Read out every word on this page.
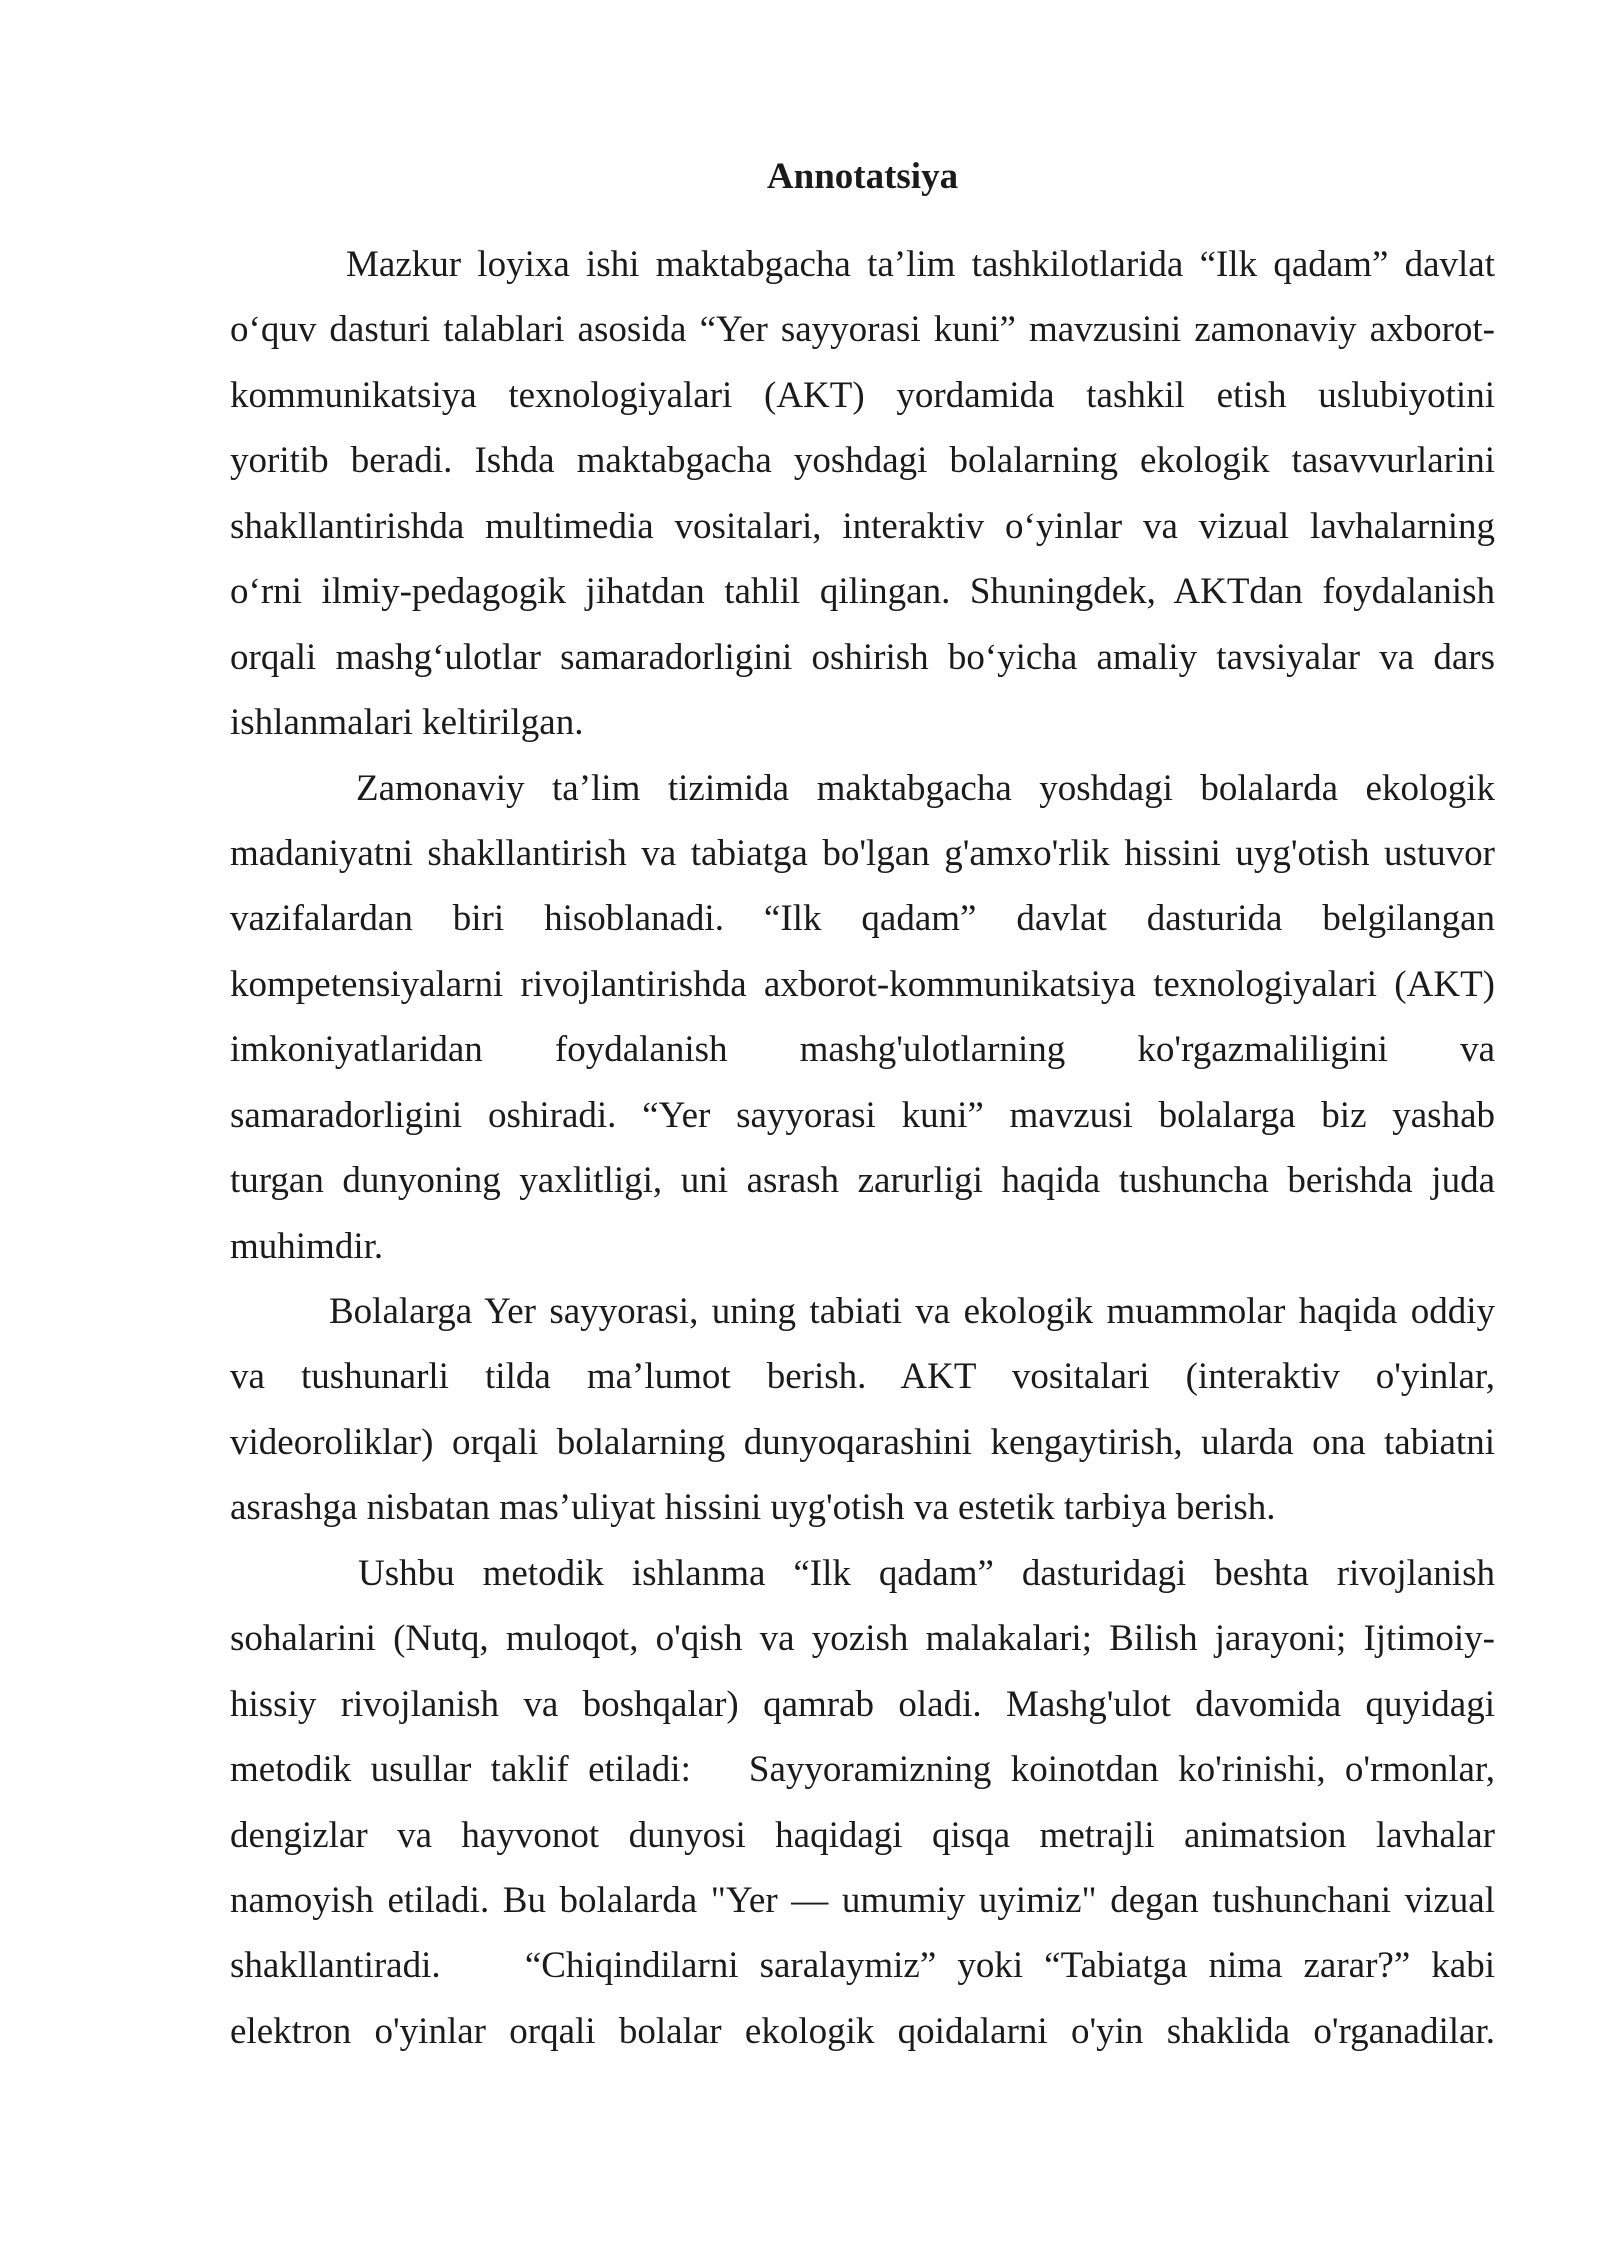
Annotatsiya
Mazkur loyixa ishi maktabgacha ta’lim tashkilotlarida “Ilk qadam” davlat
o‘quv dasturi talablari asosida “Yer sayyorasi kuni” mavzusini zamonaviy axborot-
kommunikatsiya texnologiyalari (AKT) yordamida tashkil etish uslubiyotini
yoritib beradi. Ishda maktabgacha yoshdagi bolalarning ekologik tasavvurlarini
shakllantirishda multimedia vositalari, interaktiv o‘yinlar va vizual lavhalarning
o‘rni ilmiy-pedagogik jihatdan tahlil qilingan. Shuningdek, AKTdan foydalanish
orqali mashg‘ulotlar samaradorligini oshirish bo‘yicha amaliy tavsiyalar va dars
ishlanmalari keltirilgan.
Zamonaviy ta’lim tizimida maktabgacha yoshdagi bolalarda ekologik
madaniyatni shakllantirish va tabiatga bo'lgan g'amxo'rlik hissini uyg'otish ustuvor
vazifalardan biri hisoblanadi. “Ilk qadam” davlat dasturida belgilangan
kompetensiyalarni rivojlantirishda axborot-kommunikatsiya texnologiyalari (AKT)
imkoniyatlaridan foydalanish mashg'ulotlarning ko'rgazmaliligini va
samaradorligini oshiradi. “Yer sayyorasi kuni” mavzusi bolalarga biz yashab
turgan dunyoning yaxlitligi, uni asrash zarurligi haqida tushuncha berishda juda
muhimdir.
Bolalarga Yer sayyorasi, uning tabiati va ekologik muammolar haqida oddiy
va tushunarli tilda ma’lumot berish. AKT vositalari (interaktiv o'yinlar,
videoroliklar) orqali bolalarning dunyoqarashini kengaytirish, ularda ona tabiatni
asrashga nisbatan mas’uliyat hissini uyg'otish va estetik tarbiya berish.
Ushbu metodik ishlanma “Ilk qadam” dasturidagi beshta rivojlanish
sohalarini (Nutq, muloqot, o'qish va yozish malakalari; Bilish jarayoni; Ijtimoiy-
hissiy rivojlanish va boshqalar) qamrab oladi. Mashg'ulot davomida quyidagi
metodik usullar taklif etiladi:   Sayyoramizning koinotdan ko'rinishi, o'rmonlar,
dengizlar va hayvonot dunyosi haqidagi qisqa metrajli animatsion lavhalar
namoyish etiladi. Bu bolalarda "Yer — umumiy uyimiz" degan tushunchani vizual
shakllantiradi.    “Chiqindilarni saralaymiz” yoki “Tabiatga nima zarar?” kabi
elektron o'yinlar orqali bolalar ekologik qoidalarni o'yin shaklida o'rganadilar.
